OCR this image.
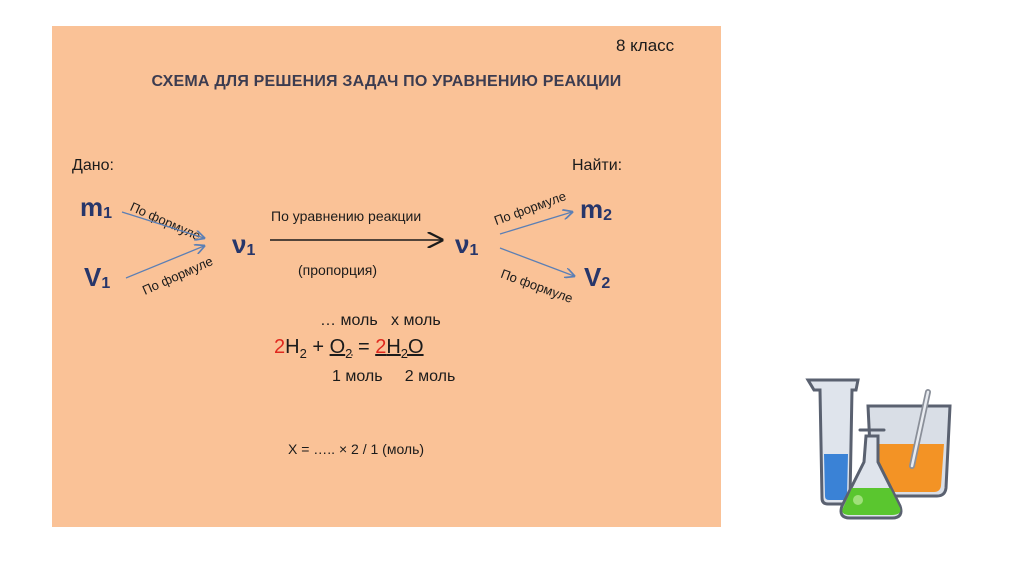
8 класс
СХЕМА ДЛЯ РЕШЕНИЯ ЗАДАЧ ПО УРАВНЕНИЮ РЕАКЦИИ
Дано:	Найти:
$m_1$
$V_1$
$\nu_1$	$\nu_1$
$m_2$
$V_2$
По формуле
По формуле
По формуле
По формуле
По уравнению реакции
(пропорция)
… моль   x моль
$2H_2 + O_2 = 2H_2O$
1 моль     2 моль
X = ….. × 2 / 1 (моль)
